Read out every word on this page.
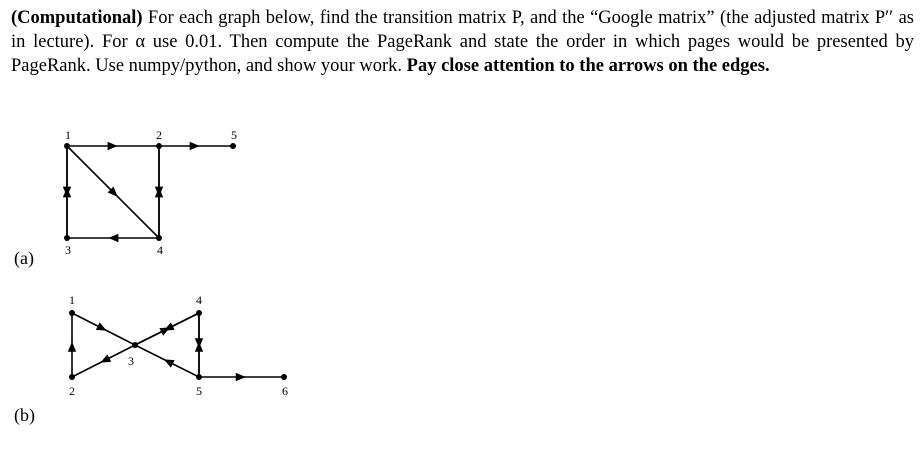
(Computational) For each graph below, find the transition matrix P, and the “Google matrix” (the adjusted matrix P′′ as in lecture). For α use 0.01. Then compute the PageRank and state the order in which pages would be presented by PageRank. Use numpy/python, and show your work. Pay close attention to the arrows on the edges.
(a)
1	2	5
3	4
(b)
1
2
3
4
5	6
